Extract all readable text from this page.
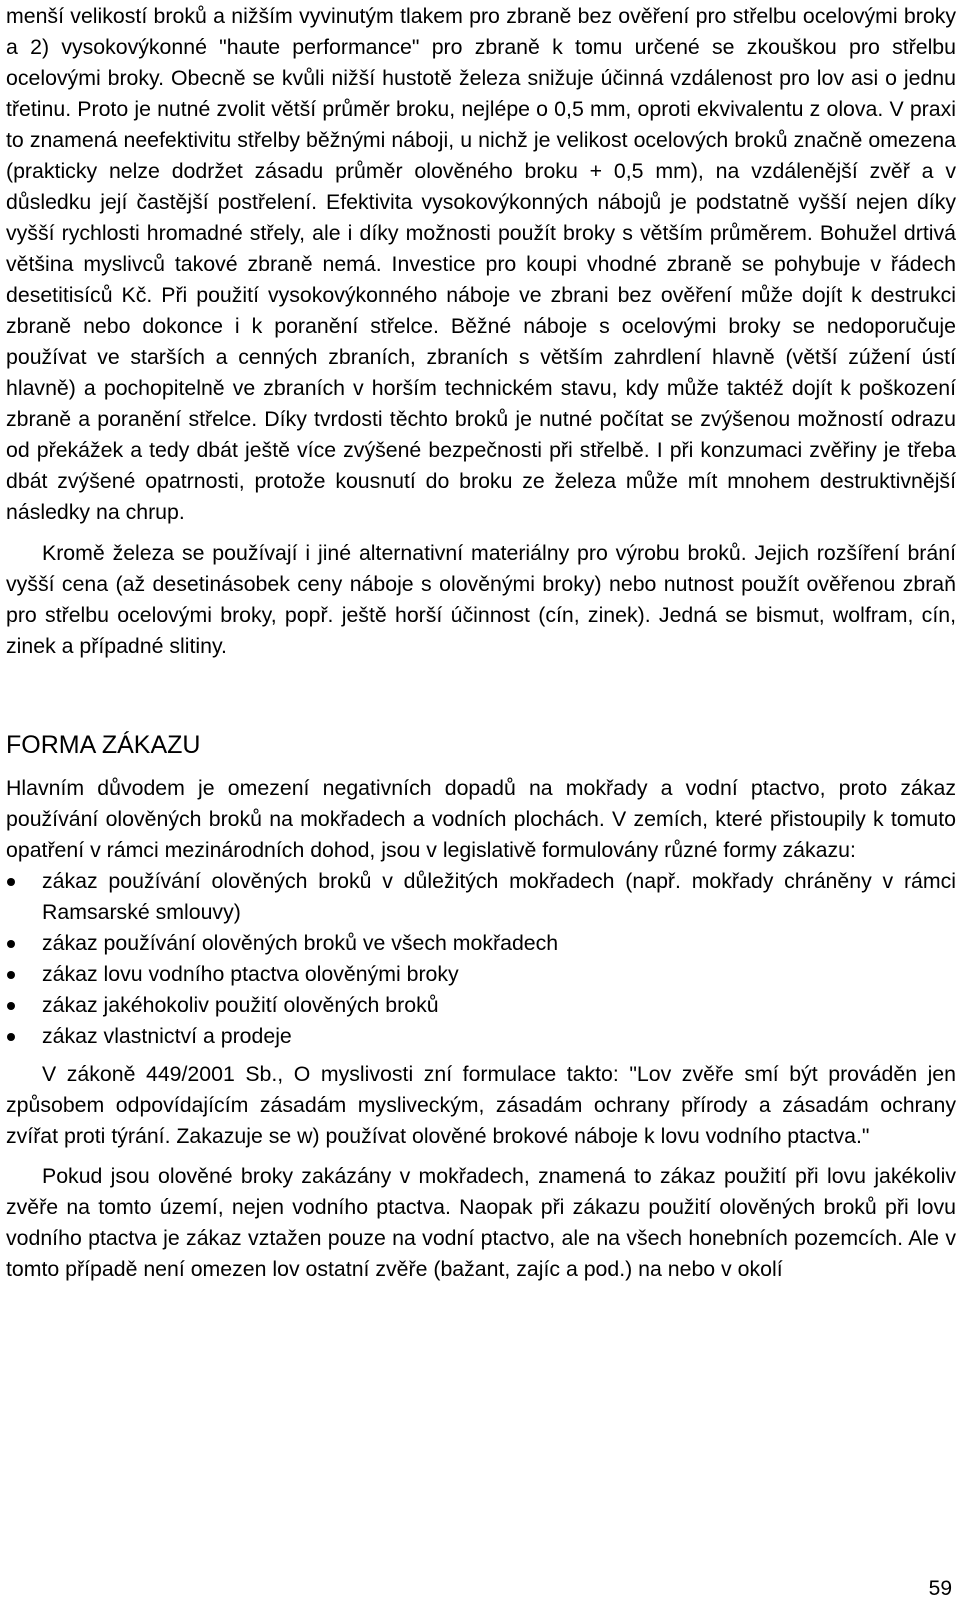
menší velikostí broků a nižším vyvinutým tlakem pro zbraně bez ověření pro střelbu ocelovými broky a 2) vysokovýkonné "haute performance" pro zbraně k tomu určené se zkouškou pro střelbu ocelovými broky. Obecně se kvůli nižší hustotě železa snižuje účinná vzdálenost pro lov asi o jednu třetinu. Proto je nutné zvolit větší průměr broku, nejlépe o 0,5 mm, oproti ekvivalentu z olova. V praxi to znamená neefektivitu střelby běžnými náboji, u nichž je velikost ocelových broků značně omezena (prakticky nelze dodržet zásadu průměr olověného broku + 0,5 mm), na vzdálenější zvěř a v důsledku její častější postřelení. Efektivita vysokovýkonných nábojů je podstatně vyšší nejen díky vyšší rychlosti hromadné střely, ale i díky možnosti použít broky s větším průměrem. Bohužel drtivá většina myslivců takové zbraně nemá. Investice pro koupi vhodné zbraně se pohybuje v řádech desetitisíců Kč. Při použití vysokovýkonného náboje ve zbrani bez ověření může dojít k destrukci zbraně nebo dokonce i k poranění střelce. Běžné náboje s ocelovými broky se nedoporučuje používat ve starších a cenných zbraních, zbraních s větším zahrdlení hlavně (větší zúžení ústí hlavně) a pochopitelně ve zbraních v horším technickém stavu, kdy může taktéž dojít k poškození zbraně a poranění střelce. Díky tvrdosti těchto broků je nutné počítat se zvýšenou možností odrazu od překážek a tedy dbát ještě více zvýšené bezpečnosti při střelbě. I při konzumaci zvěřiny je třeba dbát zvýšené opatrnosti, protože kousnutí do broku ze železa může mít mnohem destruktivnější následky na chrup.

Kromě železa se používají i jiné alternativní materiálny pro výrobu broků. Jejich rozšíření brání vyšší cena (až desetinásobek ceny náboje s olověnými broky) nebo nutnost použít ověřenou zbraň pro střelbu ocelovými broky, popř. ještě horší účinnost (cín, zinek). Jedná se bismut, wolfram, cín, zinek a případné slitiny.

FORMA ZÁKAZU

Hlavním důvodem je omezení negativních dopadů na mokřady a vodní ptactvo, proto zákaz používání olověných broků na mokřadech a vodních plochách. V zemích, které přistoupily k tomuto opatření v rámci mezinárodních dohod, jsou v legislativě formulovány různé formy zákazu:

zákaz používání olověných broků v důležitých mokřadech (např. mokřady chráněny v rámci Ramsarské smlouvy)
zákaz používání olověných broků ve všech mokřadech
zákaz lovu vodního ptactva olověnými broky
zákaz jakéhokoliv použití olověných broků
zákaz vlastnictví a prodeje

V zákoně 449/2001 Sb., O myslivosti zní formulace takto: "Lov zvěře smí být prováděn jen způsobem odpovídajícím zásadám mysliveckým, zásadám ochrany přírody a zásadám ochrany zvířat proti týrání. Zakazuje se w) používat olověné brokové náboje k lovu vodního ptactva."

Pokud jsou olověné broky zakázány v mokřadech, znamená to zákaz použití při lovu jakékoliv zvěře na tomto území, nejen vodního ptactva. Naopak při zákazu použití olověných broků při lovu vodního ptactva je zákaz vztažen pouze na vodní ptactvo, ale na všech honebních pozemcích. Ale v tomto případě není omezen lov ostatní zvěře (bažant, zajíc a pod.) na nebo v okolí

59
